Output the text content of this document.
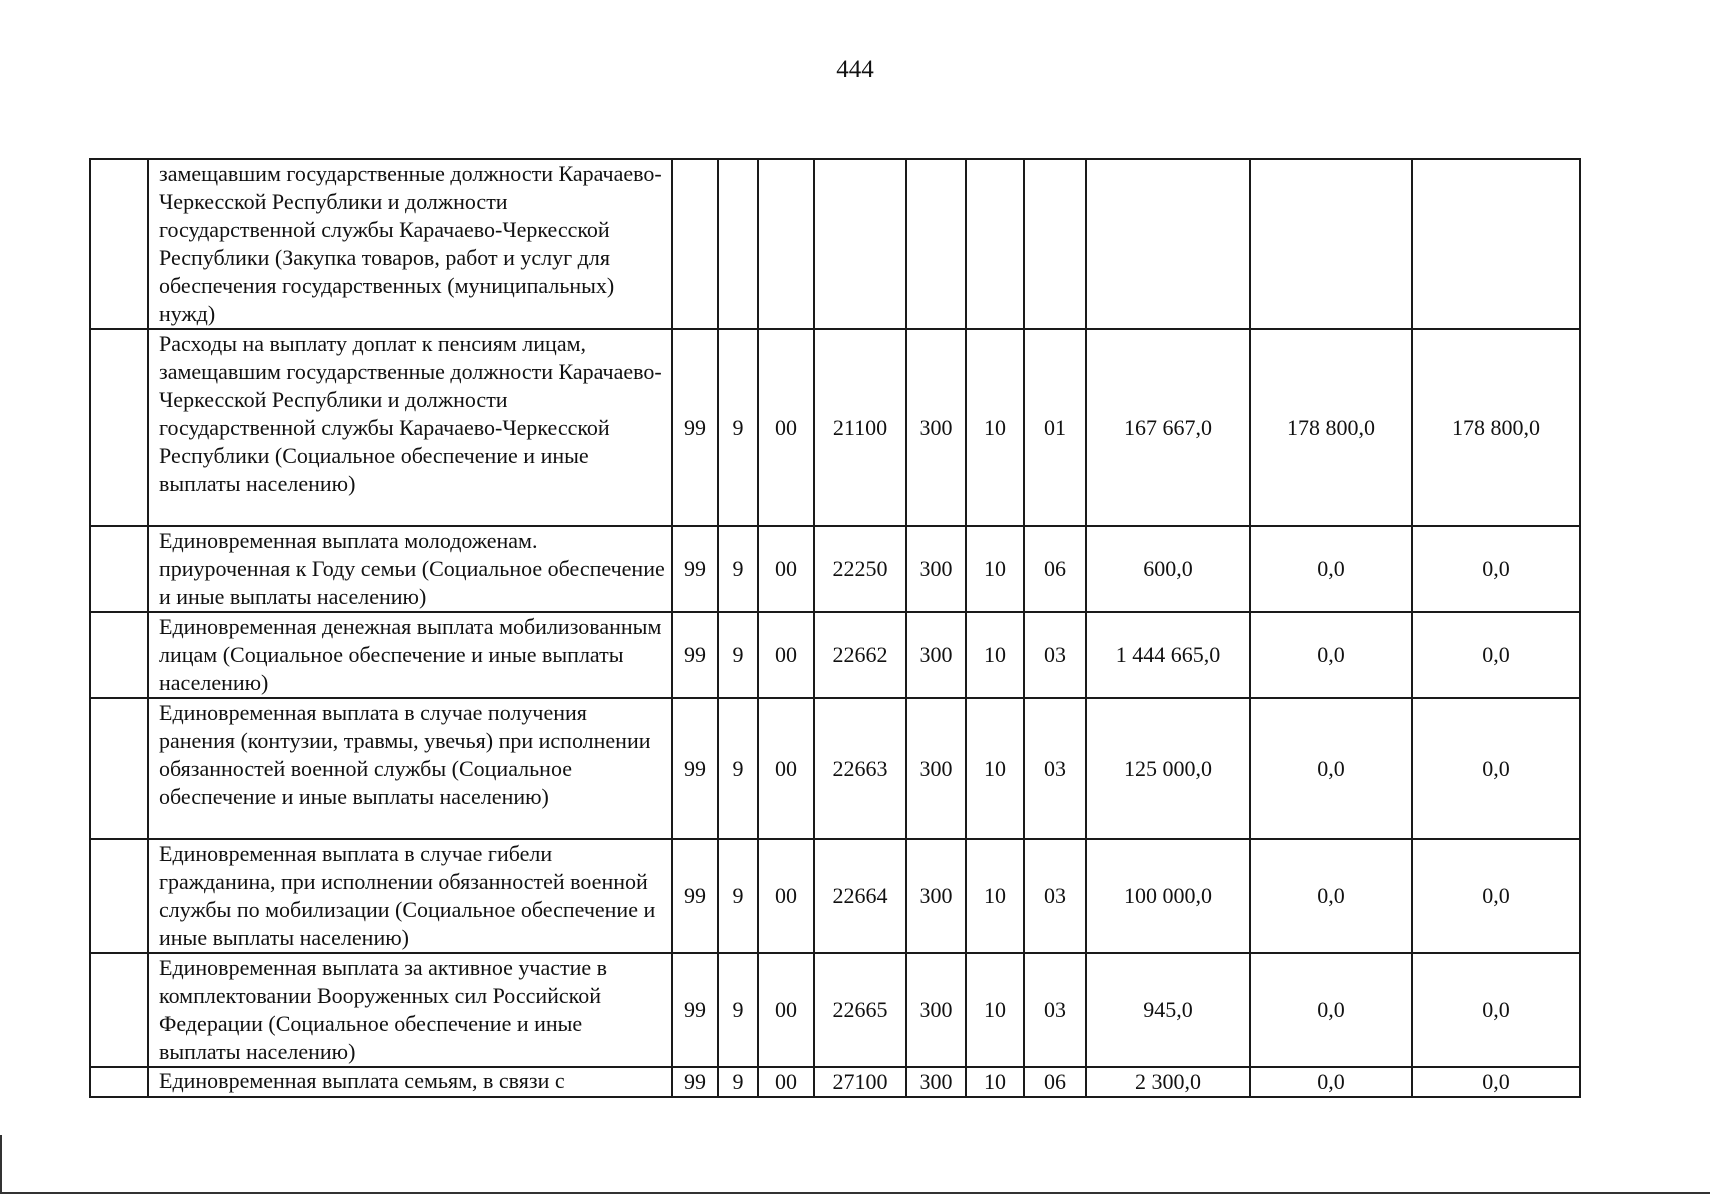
444
	замещавшим государственные должности Карачаево-Черкесской Республики и должности государственной службы Карачаево-Черкесской Республики (Закупка товаров, работ и услуг для обеспечения государственных (муниципальных) нужд)										
	Расходы на выплату доплат к пенсиям лицам, замещавшим государственные должности Карачаево-Черкесской Республики и должности государственной службы Карачаево-Черкесской Республики (Социальное обеспечение и иные выплаты населению)	99	9	00	21100	300	10	01	167 667,0	178 800,0	178 800,0
	Единовременная выплата молодоженам. приуроченная к Году семьи (Социальное обеспечение и иные выплаты населению)	99	9	00	22250	300	10	06	600,0	0,0	0,0
	Единовременная денежная выплата мобилизованным лицам (Социальное обеспечение и иные выплаты населению)	99	9	00	22662	300	10	03	1 444 665,0	0,0	0,0
	Единовременная выплата в случае получения ранения (контузии, травмы, увечья) при исполнении обязанностей военной службы (Социальное обеспечение и иные выплаты населению)	99	9	00	22663	300	10	03	125 000,0	0,0	0,0
	Единовременная выплата в случае гибели гражданина, при исполнении обязанностей военной службы по мобилизации (Социальное обеспечение и иные выплаты населению)	99	9	00	22664	300	10	03	100 000,0	0,0	0,0
	Единовременная выплата за активное участие в комплектовании Вооруженных сил Российской Федерации (Социальное обеспечение и иные выплаты населению)	99	9	00	22665	300	10	03	945,0	0,0	0,0
	Единовременная выплата семьям, в связи с	99	9	00	27100	300	10	06	2 300,0	0,0	0,0
